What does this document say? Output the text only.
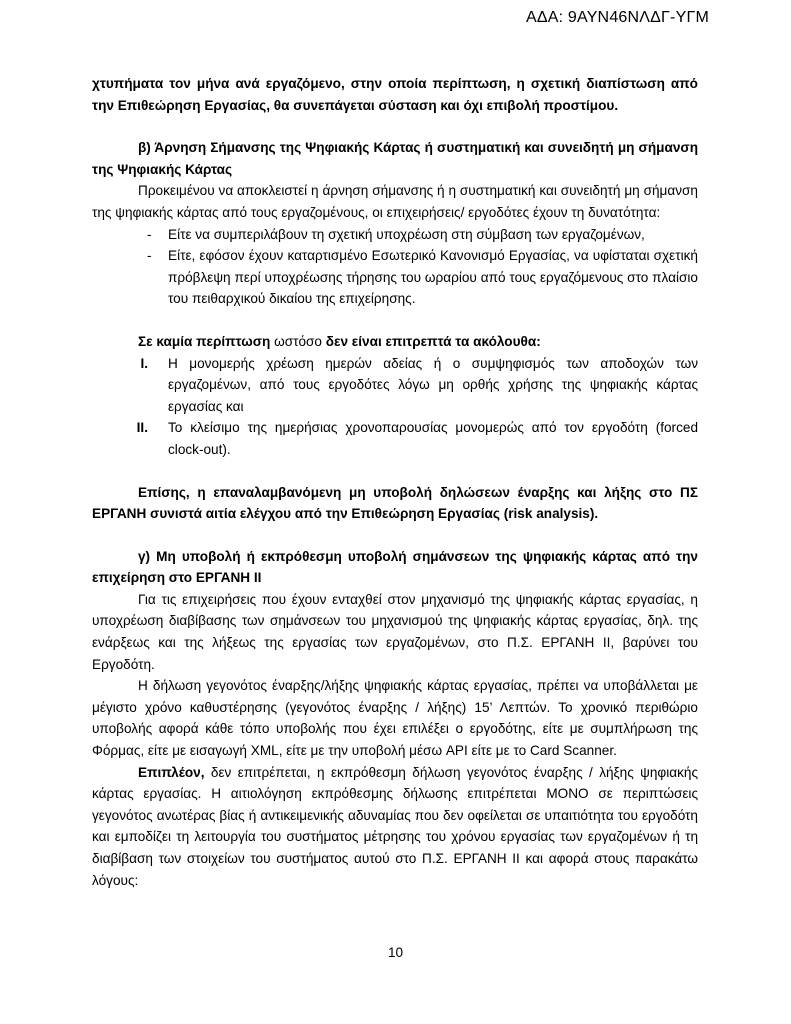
ΑΔΑ: 9ΑΥΝ46ΝΛΔΓ-ΥΓΜ

χτυπήματα τον μήνα ανά εργαζόμενο, στην οποία περίπτωση, η σχετική διαπίστωση από την Επιθεώρηση Εργασίας, θα συνεπάγεται σύσταση και όχι επιβολή προστίμου.

β) Άρνηση Σήμανσης της Ψηφιακής Κάρτας ή συστηματική και συνειδητή μη σήμανση της Ψηφιακής Κάρτας

Προκειμένου να αποκλειστεί η άρνηση σήμανσης ή η συστηματική και συνειδητή μη σήμανση της ψηφιακής κάρτας από τους εργαζομένους, οι επιχειρήσεις/ εργοδότες έχουν τη δυνατότητα:

- Είτε να συμπεριλάβουν τη σχετική υποχρέωση στη σύμβαση των εργαζομένων,
- Είτε, εφόσον έχουν καταρτισμένο Εσωτερικό Κανονισμό Εργασίας, να υφίσταται σχετική πρόβλεψη περί υποχρέωσης τήρησης του ωραρίου από τους εργαζόμενους στο πλαίσιο του πειθαρχικού δικαίου της επιχείρησης.

Σε καμία περίπτωση ωστόσο δεν είναι επιτρεπτά τα ακόλουθα:

I. Η μονομερής χρέωση ημερών αδείας ή ο συμψηφισμός των αποδοχών των εργαζομένων, από τους εργοδότες λόγω μη ορθής χρήσης της ψηφιακής κάρτας εργασίας και
II. Το κλείσιμο της ημερήσιας χρονοπαρουσίας μονομερώς από τον εργοδότη (forced clock-out).

Επίσης, η επαναλαμβανόμενη μη υποβολή δηλώσεων έναρξης και λήξης στο ΠΣ ΕΡΓΑΝΗ συνιστά αιτία ελέγχου από την Επιθεώρηση Εργασίας (risk analysis).

γ) Μη υποβολή ή εκπρόθεσμη υποβολή σημάνσεων της ψηφιακής κάρτας από την επιχείρηση στο ΕΡΓΑΝΗ ΙΙ

Για τις επιχειρήσεις που έχουν ενταχθεί στον μηχανισμό της ψηφιακής κάρτας εργασίας, η υποχρέωση διαβίβασης των σημάνσεων του μηχανισμού της ψηφιακής κάρτας εργασίας, δηλ. της ενάρξεως και της λήξεως της εργασίας των εργαζομένων, στο Π.Σ. ΕΡΓΑΝΗ ΙΙ, βαρύνει του Εργοδότη.

Η δήλωση γεγονότος έναρξης/λήξης ψηφιακής κάρτας εργασίας, πρέπει να υποβάλλεται με μέγιστο χρόνο καθυστέρησης (γεγονότος έναρξης / λήξης) 15’ Λεπτών. Το χρονικό περιθώριο υποβολής αφορά κάθε τόπο υποβολής που έχει επιλέξει ο εργοδότης, είτε με συμπλήρωση της Φόρμας, είτε με εισαγωγή XML, είτε με την υποβολή μέσω API είτε με το Card Scanner.

Επιπλέον, δεν επιτρέπεται, η εκπρόθεσμη δήλωση γεγονότος έναρξης / λήξης ψηφιακής κάρτας εργασίας. Η αιτιολόγηση εκπρόθεσμης δήλωσης επιτρέπεται ΜΟΝΟ σε περιπτώσεις γεγονότος ανωτέρας βίας ή αντικειμενικής αδυναμίας που δεν οφείλεται σε υπαιτιότητα του εργοδότη και εμποδίζει τη λειτουργία του συστήματος μέτρησης του χρόνου εργασίας των εργαζομένων ή τη διαβίβαση των στοιχείων του συστήματος αυτού στο Π.Σ. ΕΡΓΑΝΗ ΙΙ και αφορά στους παρακάτω λόγους:

10
